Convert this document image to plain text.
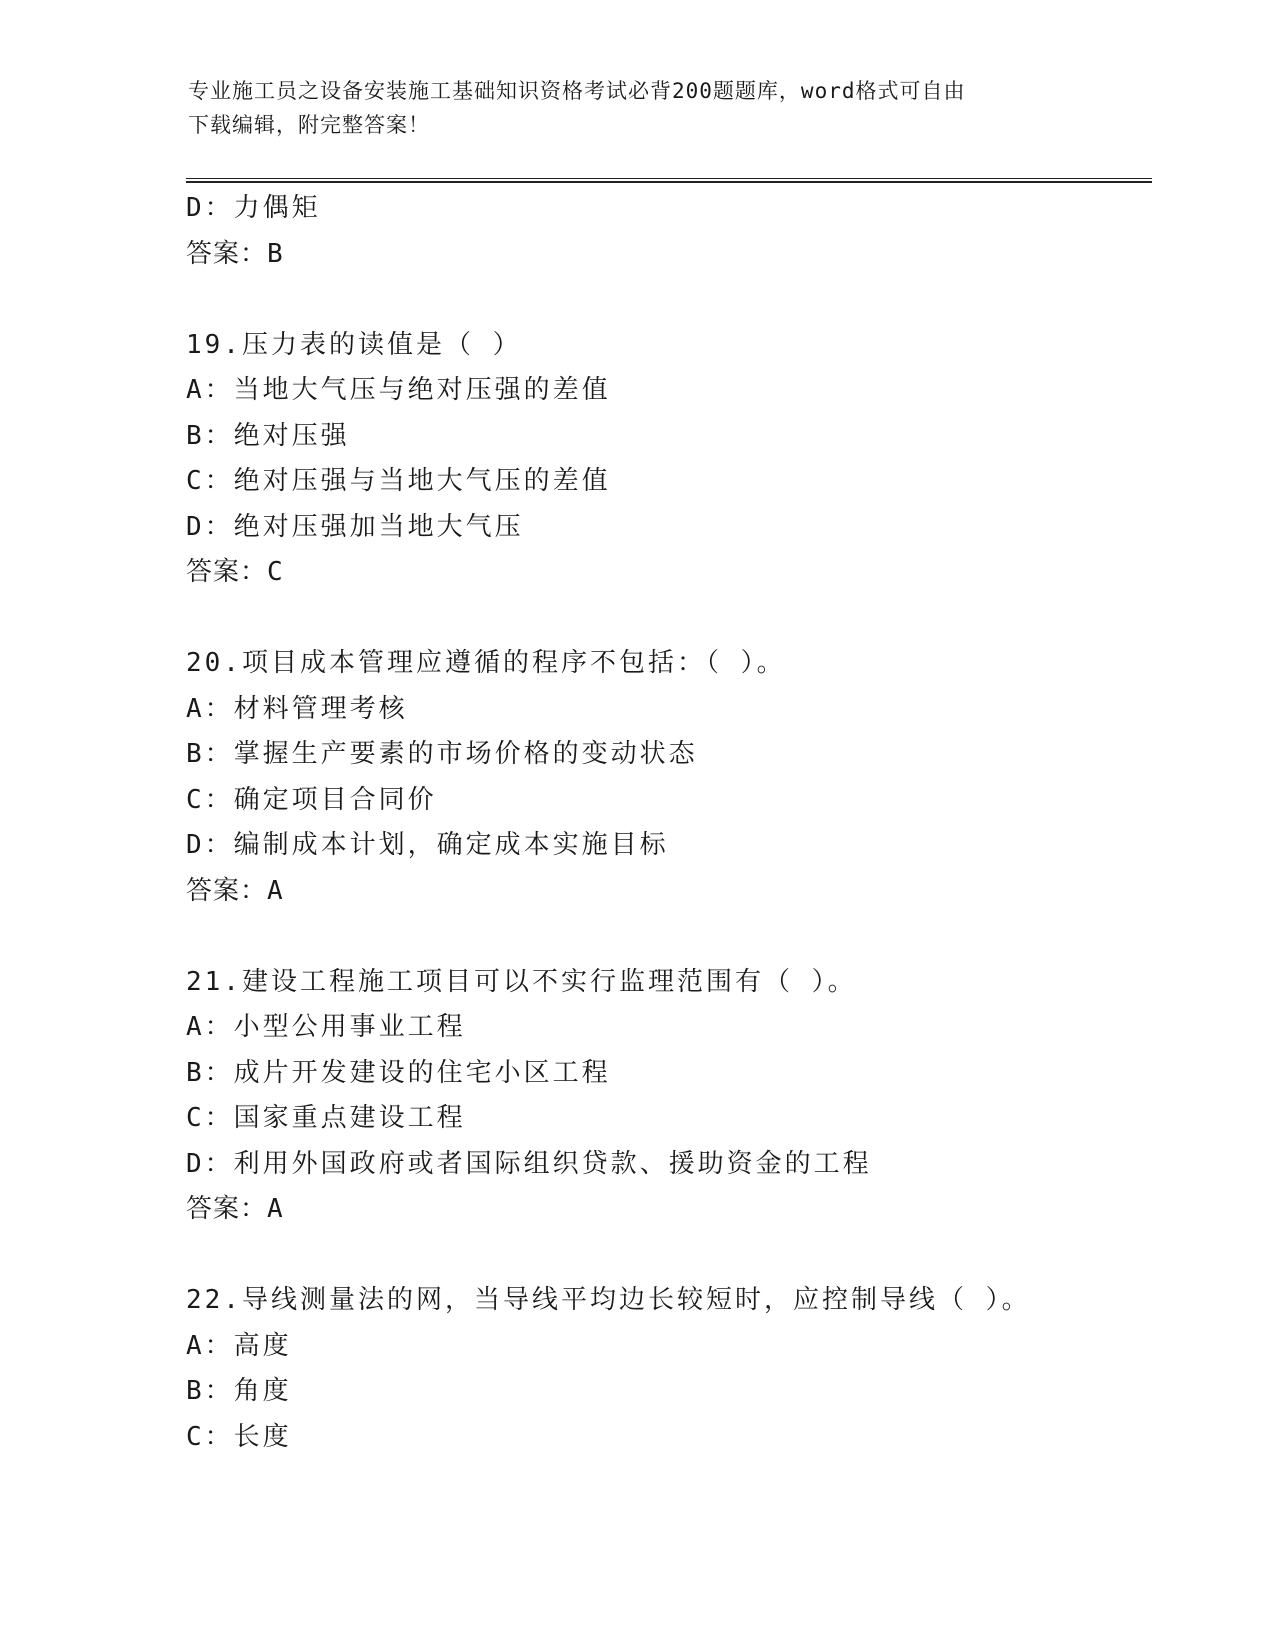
专业施工员之设备安装施工基础知识资格考试必背200题题库，word格式可自由
下载编辑，附完整答案！
D：力偶矩
答案：B
19.压力表的读值是（ ）
A：当地大气压与绝对压强的差值
B：绝对压强
C：绝对压强与当地大气压的差值
D：绝对压强加当地大气压
答案：C
20.项目成本管理应遵循的程序不包括：（ ）。
A：材料管理考核
B：掌握生产要素的市场价格的变动状态
C：确定项目合同价
D：编制成本计划，确定成本实施目标
答案：A
21.建设工程施工项目可以不实行监理范围有（ ）。
A：小型公用事业工程
B：成片开发建设的住宅小区工程
C：国家重点建设工程
D：利用外国政府或者国际组织贷款、援助资金的工程
答案：A
22.导线测量法的网，当导线平均边长较短时，应控制导线（ ）。
A：高度
B：角度
C：长度
